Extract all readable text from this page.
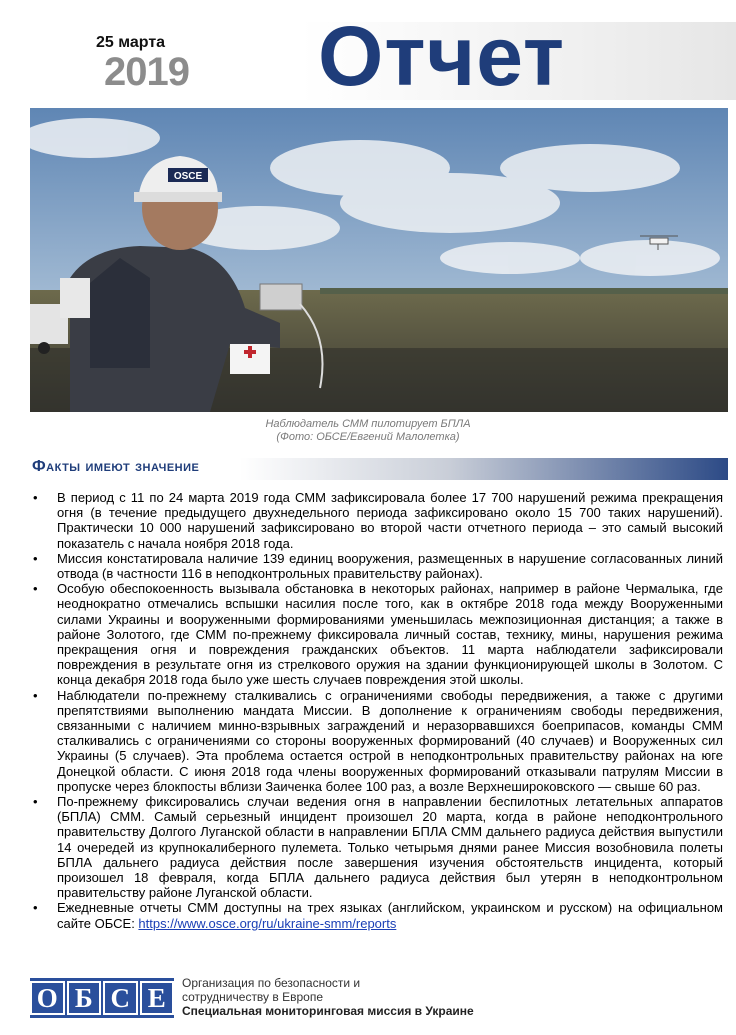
25 марта
2019 Отчет
OSCE
Наблюдатель СММ пилотирует БПЛА
(Фото: ОБСЕ/Евгений Малолетка)
Факты имеют значение
• В период с 11 по 24 марта 2019 года СММ зафиксировала более 17 700 нарушений режима прекращения огня (в течение предыдущего двухнедельного периода зафиксировано около 15 700 таких нарушений). Практически 10 000 нарушений зафиксировано во второй части отчетного периода – это самый высокий показатель с начала ноября 2018 года.
• Миссия констатировала наличие 139 единиц вооружения, размещенных в нарушение согласованных линий отвода (в частности 116 в неподконтрольных правительству районах).
• Особую обеспокоенность вызывала обстановка в некоторых районах, например в районе Чермалыка, где неоднократно отмечались вспышки насилия после того, как в октябре 2018 года между Вооруженными силами Украины и вооруженными формированиями уменьшилась межпозиционная дистанция; а также в районе Золотого, где СММ по-прежнему фиксировала личный состав, технику, мины, нарушения режима прекращения огня и повреждения гражданских объектов. 11 марта наблюдатели зафиксировали повреждения в результате огня из стрелкового оружия на здании функционирующей школы в Золотом. С конца декабря 2018 года было уже шесть случаев повреждения этой школы.
• Наблюдатели по-прежнему сталкивались с ограничениями свободы передвижения, а также с другими препятствиями выполнению мандата Миссии. В дополнение к ограничениям свободы передвижения, связанными с наличием минно-взрывных заграждений и неразорвавшихся боеприпасов, команды СММ сталкивались с ограничениями со стороны вооруженных формирований (40 случаев) и Вооруженных сил Украины (5 случаев). Эта проблема остается острой в неподконтрольных правительству районах на юге Донецкой области. С июня 2018 года члены вооруженных формирований отказывали патрулям Миссии в пропуске через блокпосты вблизи Заиченка более 100 раз, а возле Верхнешироковского — свыше 60 раз.
• По-прежнему фиксировались случаи ведения огня в направлении беспилотных летательных аппаратов (БПЛА) СММ. Самый серьезный инцидент произошел 20 марта, когда в районе неподконтрольного правительству Долгого Луганской области в направлении БПЛА СММ дальнего радиуса действия выпустили 14 очередей из крупнокалиберного пулемета. Только четырьмя днями ранее Миссия возобновила полеты БПЛА дальнего радиуса действия после завершения изучения обстоятельств инцидента, который произошел 18 февраля, когда БПЛА дальнего радиуса действия был утерян в неподконтрольном правительству районе Луганской области.
• Ежедневные отчеты СММ доступны на трех языках (английском, украинском и русском) на официальном сайте ОБСЕ: https://www.osce.org/ru/ukraine-smm/reports
О Б С Е	Организация по безопасности и
сотрудничеству в Европе
Специальная мониторинговая миссия в Украине
